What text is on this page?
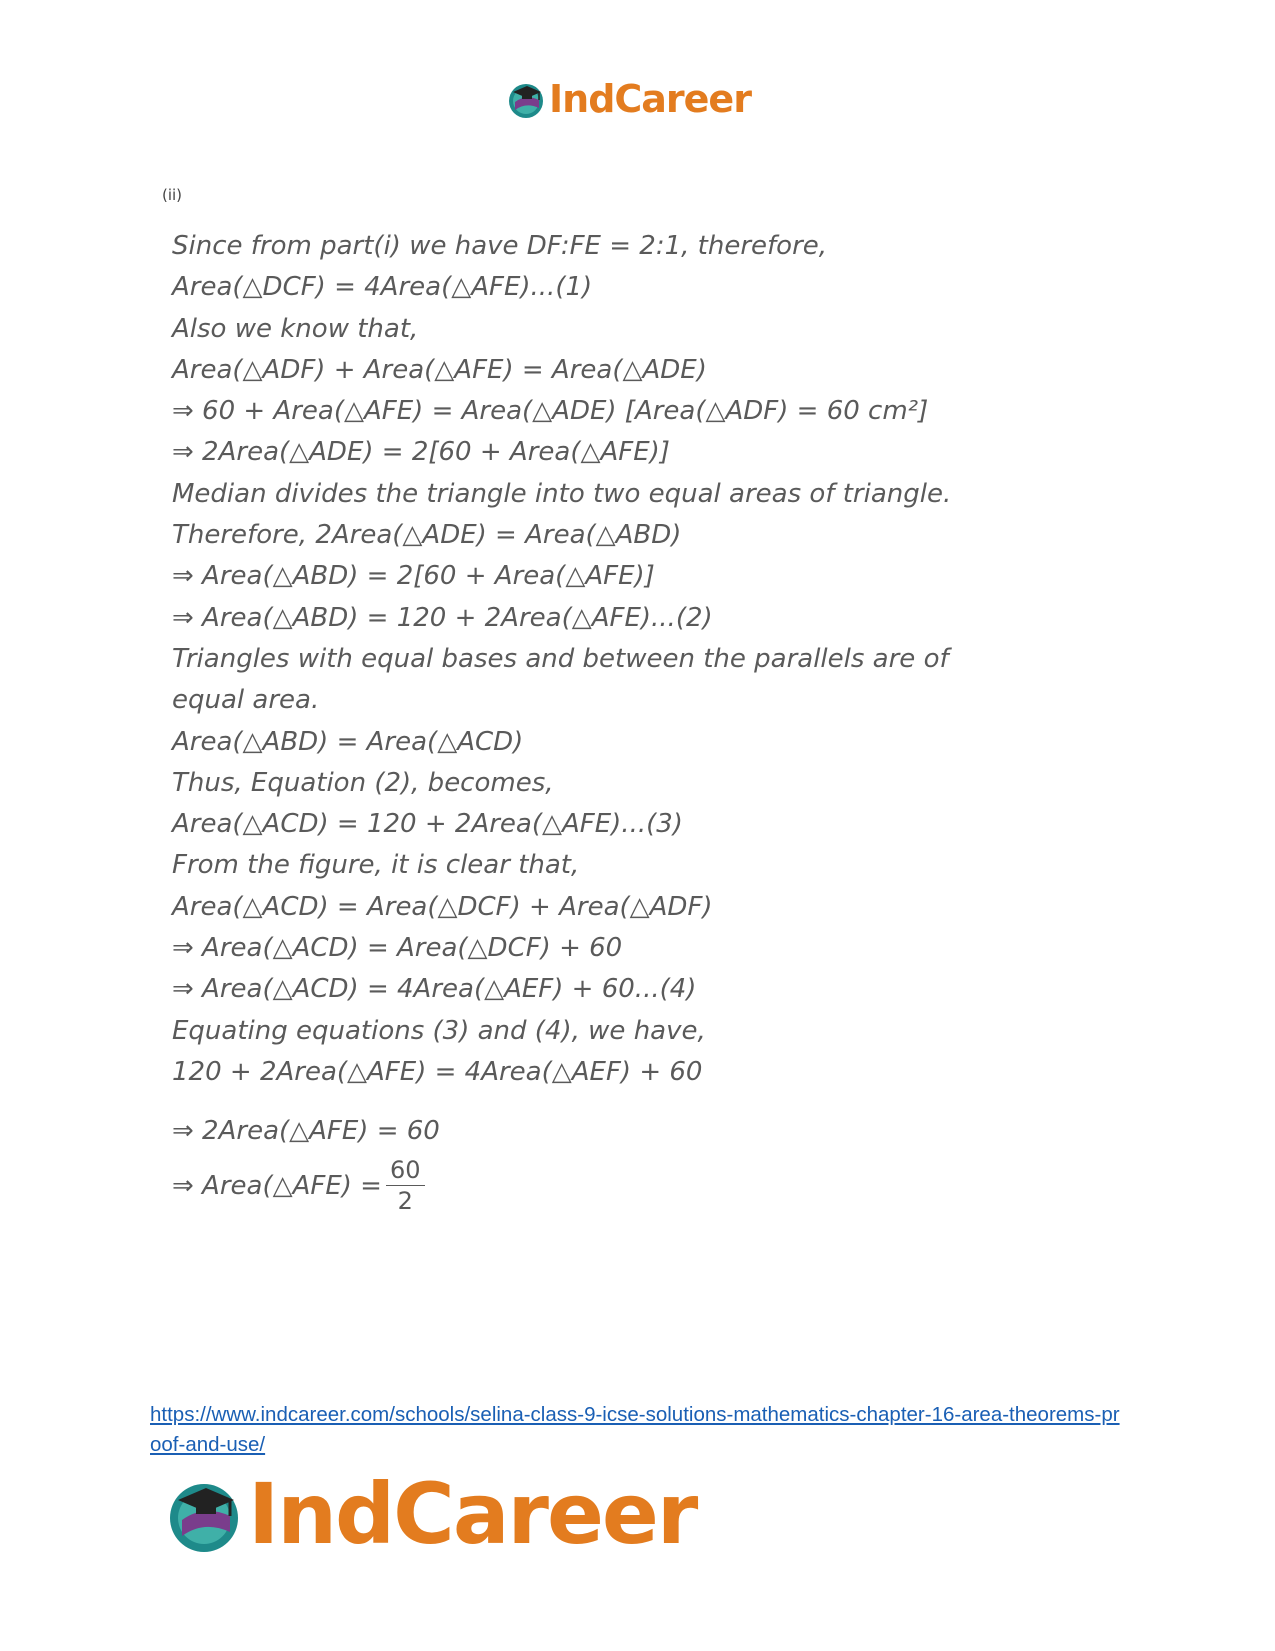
IndCareer
(ii)
Since from part(i) we have DF:FE = 2:1, therefore,
Area(△DCF) = 4Area(△AFE)...(1)
Also we know that,
Area(△ADF) + Area(△AFE) = Area(△ADE)
⇒ 60 + Area(△AFE) = Area(△ADE) [Area(△ADF) = 60 cm²]
⇒ 2Area(△ADE) = 2[60 + Area(△AFE)]
Median divides the triangle into two equal areas of triangle.
Therefore, 2Area(△ADE) = Area(△ABD)
⇒ Area(△ABD) = 2[60 + Area(△AFE)]
⇒ Area(△ABD) = 120 + 2Area(△AFE)...(2)
Triangles with equal bases and between the parallels are of
equal area.
Area(△ABD) = Area(△ACD)
Thus, Equation (2), becomes,
Area(△ACD) = 120 + 2Area(△AFE)...(3)
From the figure, it is clear that,
Area(△ACD) = Area(△DCF) + Area(△ADF)
⇒ Area(△ACD) = Area(△DCF) + 60
⇒ Area(△ACD) = 4Area(△AEF) + 60...(4)
Equating equations (3) and (4), we have,
120 + 2Area(△AFE) = 4Area(△AEF) + 60
⇒ 2Area(△AFE) = 60
⇒ Area(△AFE) = $\frac{60}{2}$
https://www.indcareer.com/schools/selina-class-9-icse-solutions-mathematics-chapter-16-area-theorems-proof-and-use/
IndCareer
